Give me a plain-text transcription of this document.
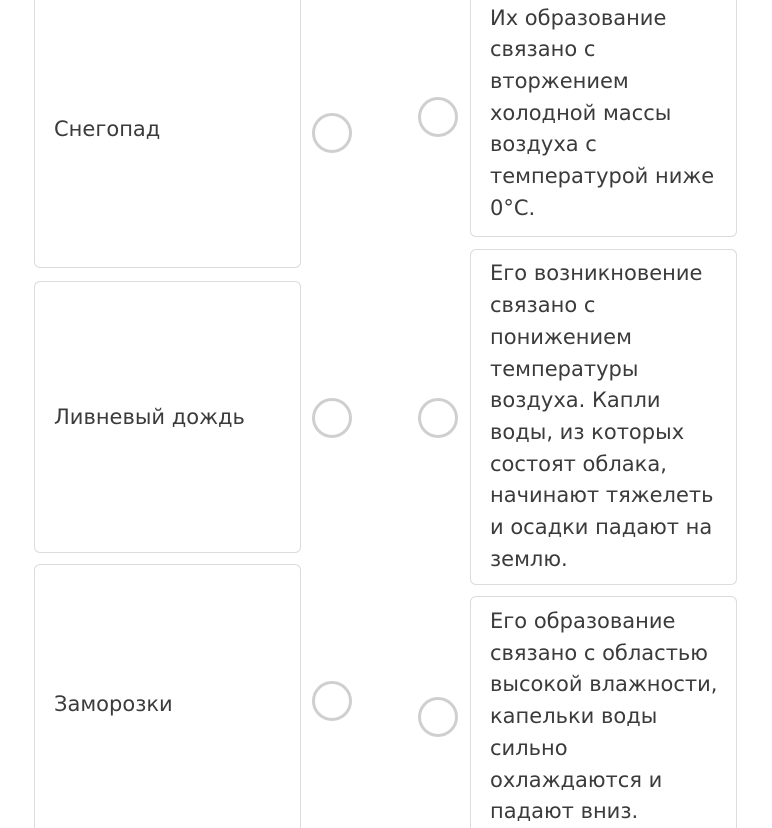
Снегопад
Ливневый дождь
Заморозки
Их образование связано с вторжением холодной массы воздуха с температурой ниже 0°С.
Его возникновение связано с понижением температуры воздуха. Капли воды, из которых состоят облака, начинают тяжелеть и осадки падают на землю.
Его образование связано с областью высокой влажности, капельки воды сильно охлаждаются и падают вниз.
